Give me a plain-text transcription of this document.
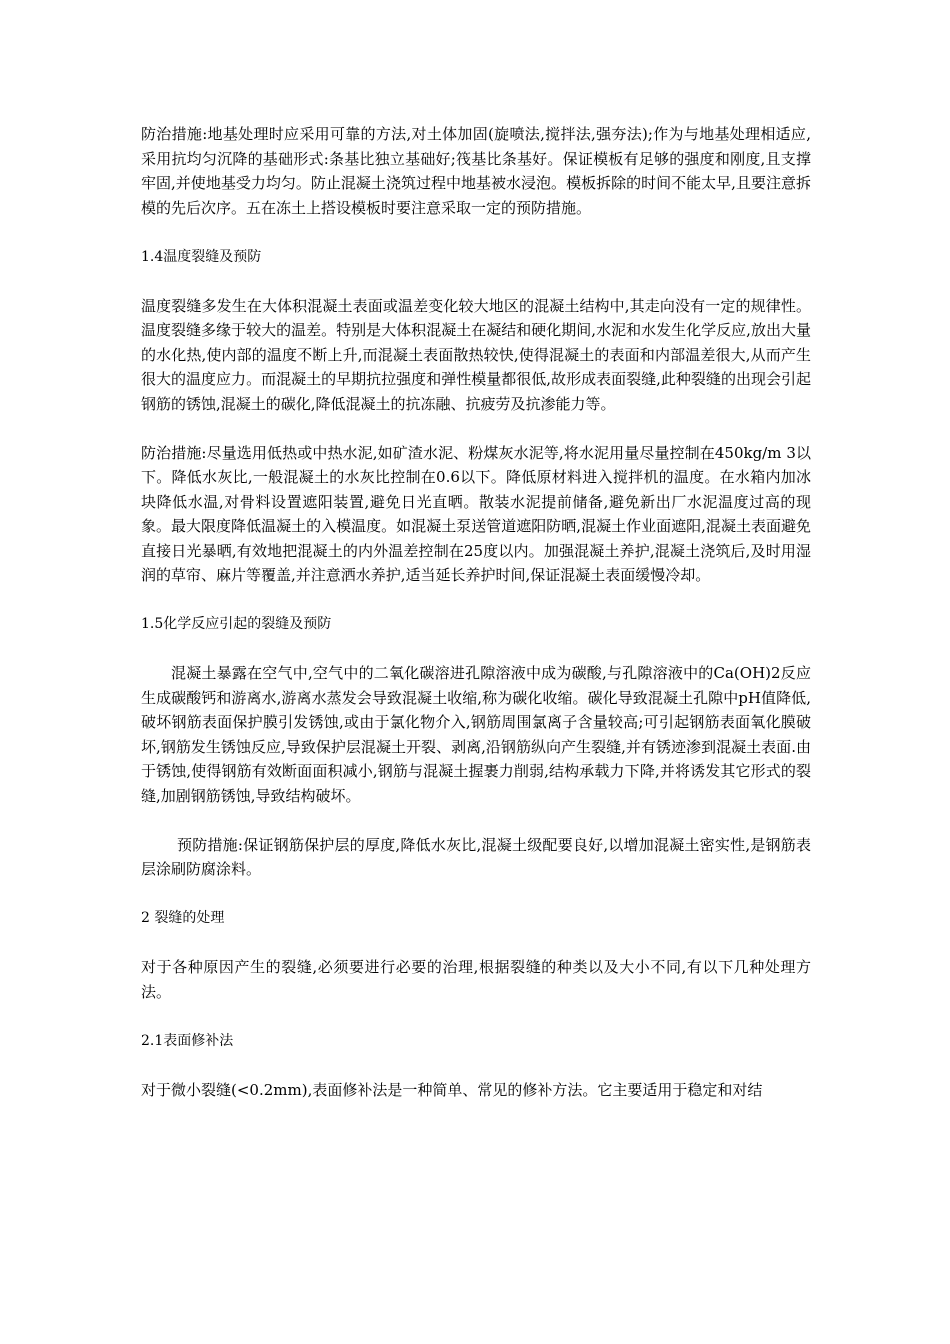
防治措施:地基处理时应采用可靠的方法,对土体加固(旋喷法,搅拌法,强夯法);作为与地基处理相适应,采用抗均匀沉降的基础形式:条基比独立基础好;筏基比条基好。保证模板有足够的强度和刚度,且支撑牢固,并使地基受力均匀。防止混凝土浇筑过程中地基被水浸泡。模板拆除的时间不能太早,且要注意拆模的先后次序。五在冻土上搭设模板时要注意采取一定的预防措施。

1.4温度裂缝及预防

温度裂缝多发生在大体积混凝土表面或温差变化较大地区的混凝土结构中,其走向没有一定的规律性。温度裂缝多缘于较大的温差。特别是大体积混凝土在凝结和硬化期间,水泥和水发生化学反应,放出大量的水化热,使内部的温度不断上升,而混凝土表面散热较快,使得混凝土的表面和内部温差很大,从而产生很大的温度应力。而混凝土的早期抗拉强度和弹性模量都很低,故形成表面裂缝,此种裂缝的出现会引起钢筋的锈蚀,混凝土的碳化,降低混凝土的抗冻融、抗疲劳及抗渗能力等。

防治措施:尽量选用低热或中热水泥,如矿渣水泥、粉煤灰水泥等,将水泥用量尽量控制在450kg/m 3以下。降低水灰比,一般混凝土的水灰比控制在0.6以下。降低原材料进入搅拌机的温度。在水箱内加冰块降低水温,对骨料设置遮阳装置,避免日光直晒。散装水泥提前储备,避免新出厂水泥温度过高的现象。最大限度降低温凝土的入模温度。如混凝土泵送管道遮阳防晒,混凝土作业面遮阳,混凝土表面避免直接日光暴晒,有效地把混凝土的内外温差控制在25度以内。加强混凝土养护,混凝土浇筑后,及时用湿润的草帘、麻片等覆盖,并注意洒水养护,适当延长养护时间,保证混凝土表面缓慢冷却。

1.5化学反应引起的裂缝及预防

混凝土暴露在空气中,空气中的二氧化碳溶进孔隙溶液中成为碳酸,与孔隙溶液中的Ca(OH)2反应生成碳酸钙和游离水,游离水蒸发会导致混凝土收缩,称为碳化收缩。碳化导致混凝土孔隙中pH值降低,破坏钢筋表面保护膜引发锈蚀,或由于氯化物介入,钢筋周围氯离子含量较高;可引起钢筋表面氧化膜破坏,钢筋发生锈蚀反应,导致保护层混凝土开裂、剥离,沿钢筋纵向产生裂缝,并有锈迹渗到混凝土表面.由于锈蚀,使得钢筋有效断面面积减小,钢筋与混凝土握裹力削弱,结构承载力下降,并将诱发其它形式的裂缝,加剧钢筋锈蚀,导致结构破坏。

预防措施:保证钢筋保护层的厚度,降低水灰比,混凝土级配要良好,以增加混凝土密实性,是钢筋表层涂刷防腐涂料。

2 裂缝的处理

对于各种原因产生的裂缝,必须要进行必要的治理,根据裂缝的种类以及大小不同,有以下几种处理方法。

2.1表面修补法

对于微小裂缝(<0.2mm),表面修补法是一种简单、常见的修补方法。它主要适用于稳定和对结
